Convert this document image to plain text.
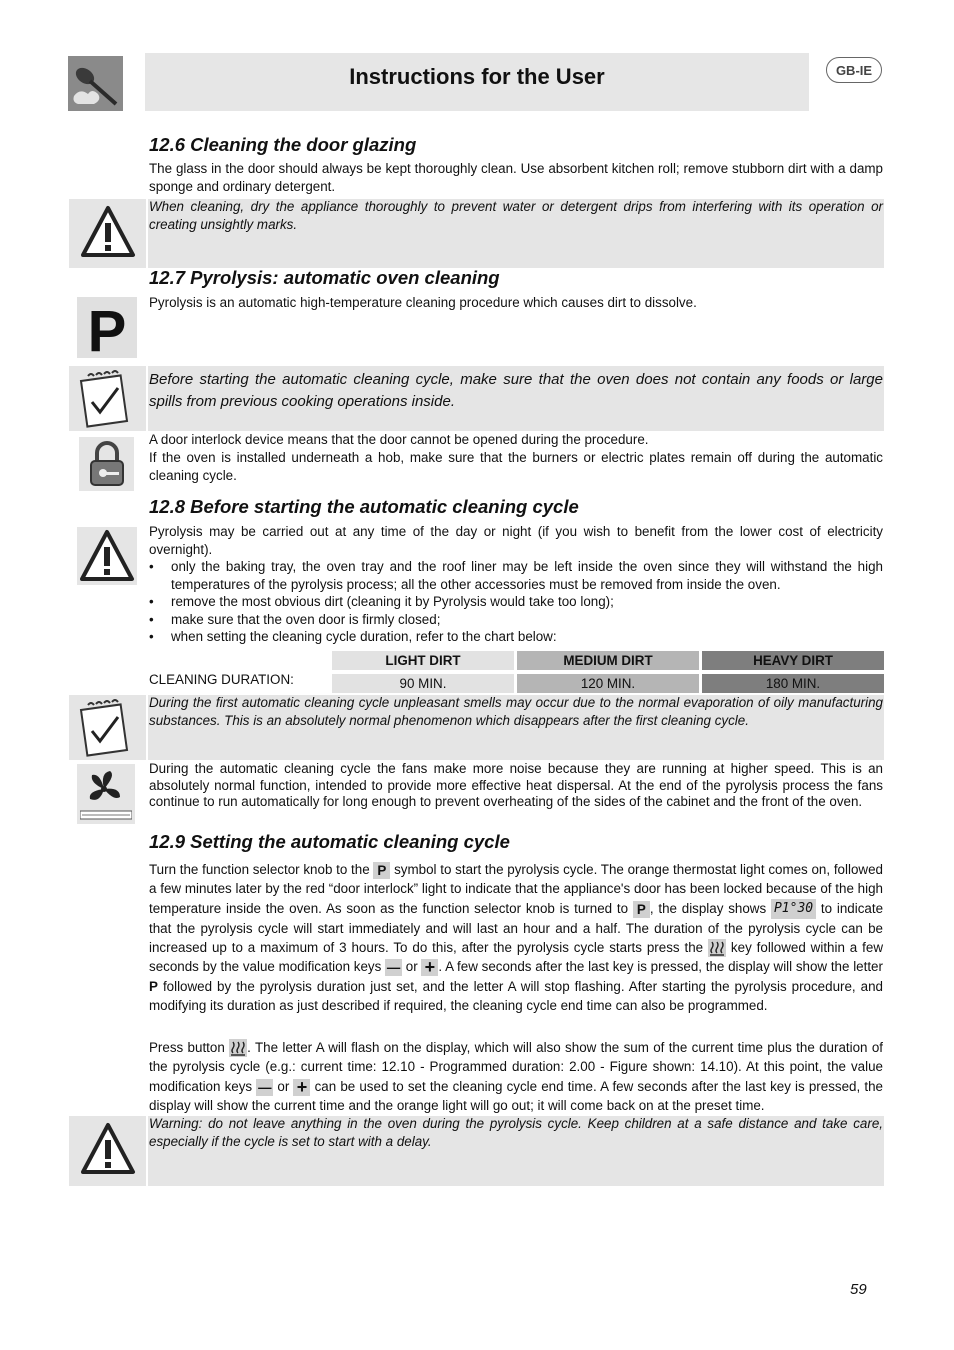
Instructions for the User	GB-IE
12.6 Cleaning the door glazing

The glass in the door should always be kept thoroughly clean. Use absorbent kitchen roll; remove stubborn dirt with a damp sponge and ordinary detergent.

When cleaning, dry the appliance thoroughly to prevent water or detergent drips from interfering with its operation or creating unsightly marks.

12.7 Pyrolysis: automatic oven cleaning
P Pyrolysis is an automatic high-temperature cleaning procedure which causes dirt to dissolve.

Before starting the automatic cleaning cycle, make sure that the oven does not contain any foods or large spills from previous cooking operations inside.

A door interlock device means that the door cannot be opened during the procedure.

If the oven is installed underneath a hob, make sure that the burners or electric plates remain off during the automatic cleaning cycle.

12.8 Before starting the automatic cleaning cycle

Pyrolysis may be carried out at any time of the day or night (if you wish to benefit from the lower cost of electricity overnight).

• only the baking tray, the oven tray and the roof liner may be left inside the oven since they will withstand the high temperatures of the pyrolysis process; all the other accessories must be removed from inside the oven.
• remove the most obvious dirt (cleaning it by Pyrolysis would take too long);
• make sure that the oven door is firmly closed;
• when setting the cleaning cycle duration, refer to the chart below:
CLEANING DURATION:
LIGHT DIRT	MEDIUM DIRT	HEAVY DIRT
90 MIN.	120 MIN.	180 MIN.

During the first automatic cleaning cycle unpleasant smells may occur due to the normal evaporation of oily manufacturing substances. This is an absolutely normal phenomenon which disappears after the first cleaning cycle.

During the automatic cleaning cycle the fans make more noise because they are running at higher speed. This is an absolutely normal function, intended to provide more effective heat dispersal. At the end of the pyrolysis process the fans continue to run automatically for long enough to prevent overheating of the sides of the cabinet and the front of the oven.

12.9 Setting the automatic cleaning cycle

Turn the function selector knob to the P symbol to start the pyrolysis cycle. The orange thermostat light comes on, followed a few minutes later by the red “door interlock” light to indicate that the appliance's door has been locked because of the high temperature inside the oven. As soon as the function selector knob is turned to P , the display shows P1°30 to indicate that the pyrolysis cycle will start immediately and will last an hour and a half. The duration of the pyrolysis cycle can be increased up to a maximum of 3 hours. To do this, after the pyrolysis cycle starts press the key followed within a few seconds by the value modification keys — or + . A few seconds after the last key is pressed, the display will show the letter P followed by the pyrolysis duration just set, and the letter A will stop flashing. After starting the pyrolysis procedure, and modifying its duration as just described if required, the cleaning cycle end time can also be programmed.

Press button . The letter A will flash on the display, which will also show the sum of the current time plus the duration of the pyrolysis cycle (e.g.: current time: 12.10 - Programmed duration: 2.00 - Figure shown: 14.10). At this point, the value modification keys — or + can be used to set the cleaning cycle end time. A few seconds after the last key is pressed, the display will show the current time and the orange light will go out; it will come back on at the preset time.

Warning: do not leave anything in the oven during the pyrolysis cycle. Keep children at a safe distance and take care, especially if the cycle is set to start with a delay.

59
